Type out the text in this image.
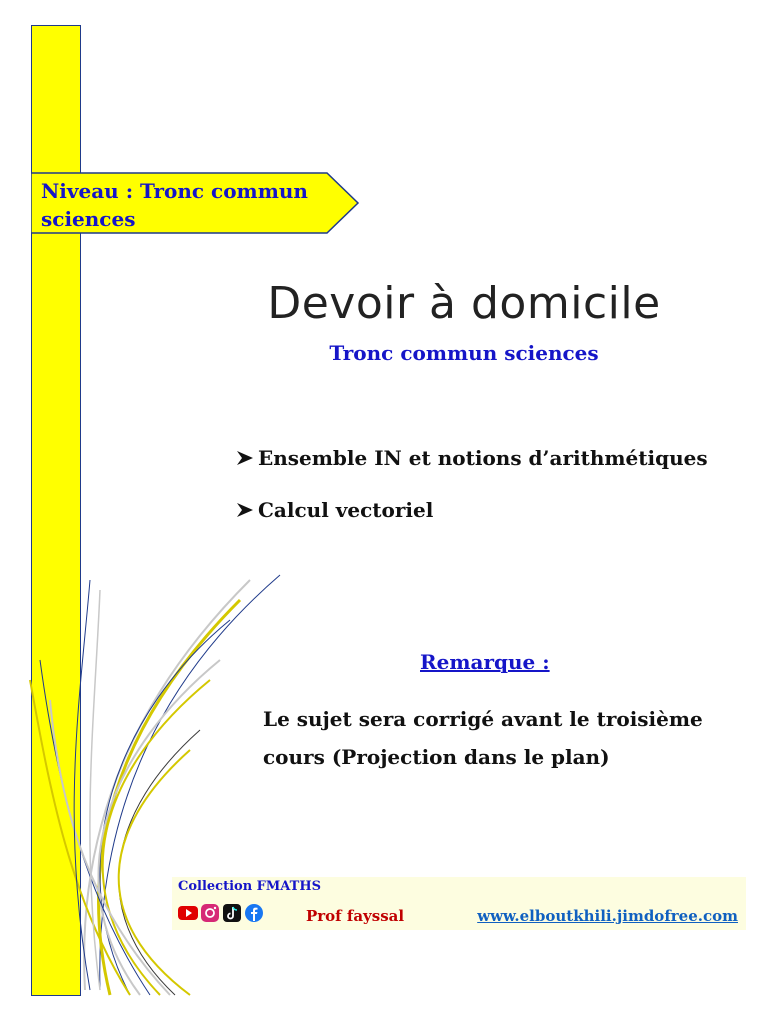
Niveau : Tronc commun sciences
Devoir à domicile
Tronc commun sciences
Ensemble IN et notions d’arithmétiques
Calcul vectoriel
Remarque :
Le sujet sera corrigé avant le troisième
cours (Projection dans le plan)
Collection FMATHS
Prof fayssal	www.elboutkhili.jimdofree.com
